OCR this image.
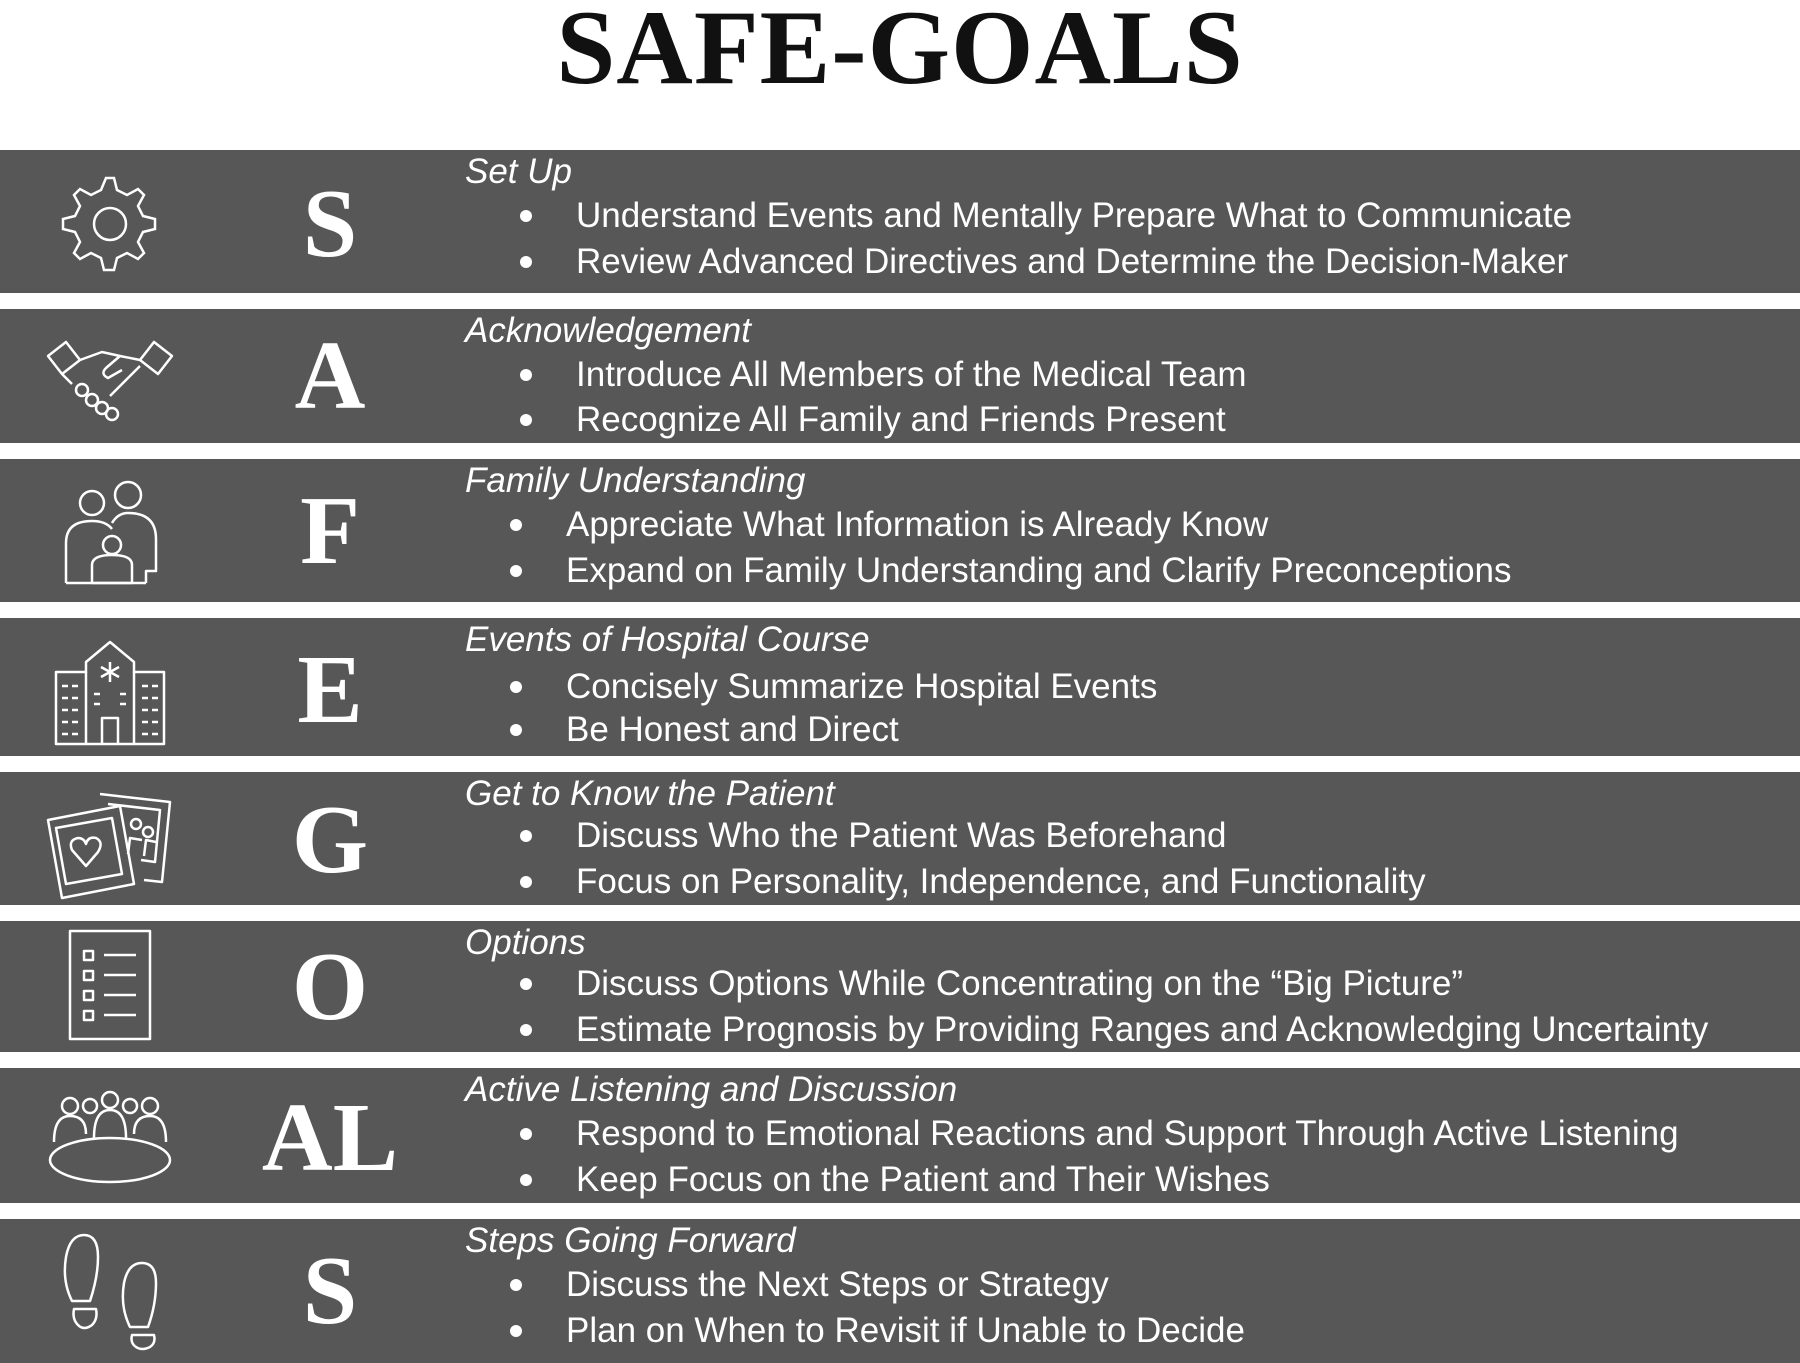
SAFE-GOALS
S	Set Up
Understand Events and Mentally Prepare What to Communicate
Review Advanced Directives and Determine the Decision-Maker
A	Acknowledgement
Introduce All Members of the Medical Team
Recognize All Family and Friends Present
F	Family Understanding
Appreciate What Information is Already Know
Expand on Family Understanding and Clarify Preconceptions
E	Events of Hospital Course
Concisely Summarize Hospital Events
Be Honest and Direct
G	Get to Know the Patient
Discuss Who the Patient Was Beforehand
Focus on Personality, Independence, and Functionality
O	Options
Discuss Options While Concentrating on the “Big Picture”
Estimate Prognosis by Providing Ranges and Acknowledging Uncertainty
AL	Active Listening and Discussion
Respond to Emotional Reactions and Support Through Active Listening
Keep Focus on the Patient and Their Wishes
S	Steps Going Forward
Discuss the Next Steps or Strategy
Plan on When to Revisit if Unable to Decide
